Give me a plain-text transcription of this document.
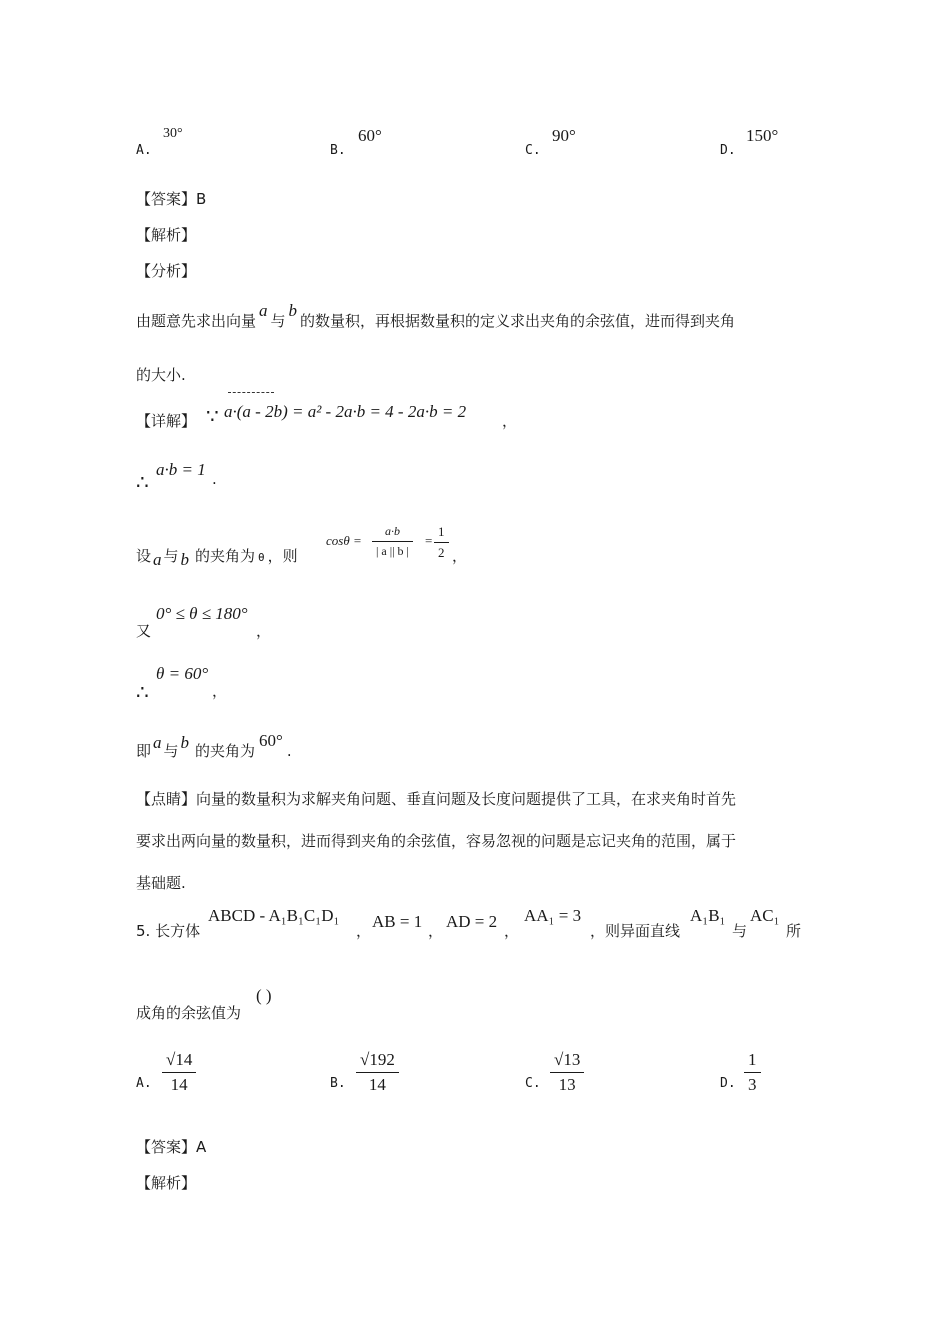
A.
30°
B.
60°
C.
90°
D.
150°
【答案】B
【解析】
【分析】
由题意先求出向量a与b的数量积，再根据数量积的定义求出夹角的余弦值，进而得到夹角
的大小.
【详解】 ∵ a·(a - 2b) = a² - 2a·b = 4 - 2a·b = 2 ，
∴
a·b = 1 .
设 a 与 b 的夹角为 θ ，则
$\cos\theta = \frac{a\cdot b}{| a || b |} = \frac{1}{2}$ ，
又
0° ≤ θ ≤ 180°
，
∴
θ = 60°
，
即 a 与 b 的夹角为60°.
【点睛】向量的数量积为求解夹角问题、垂直问题及长度问题提供了工具，在求夹角时首先
要求出两向量的数量积，进而得到夹角的余弦值，容易忽视的问题是忘记夹角的范围，属于
基础题.
5. 长方体
ABCD - A₁B₁C₁D₁
， AB = 1 ， AD = 2 ，
AA₁ = 3
，则异面直线
A₁B₁
与
AC₁
所
成角的余弦值为
( )
A. $\frac{√14}{14}$	B. $\frac{√192}{14}$	C. $\frac{√13}{13}$	D. $\frac{1}{3}$
【答案】A
【解析】
